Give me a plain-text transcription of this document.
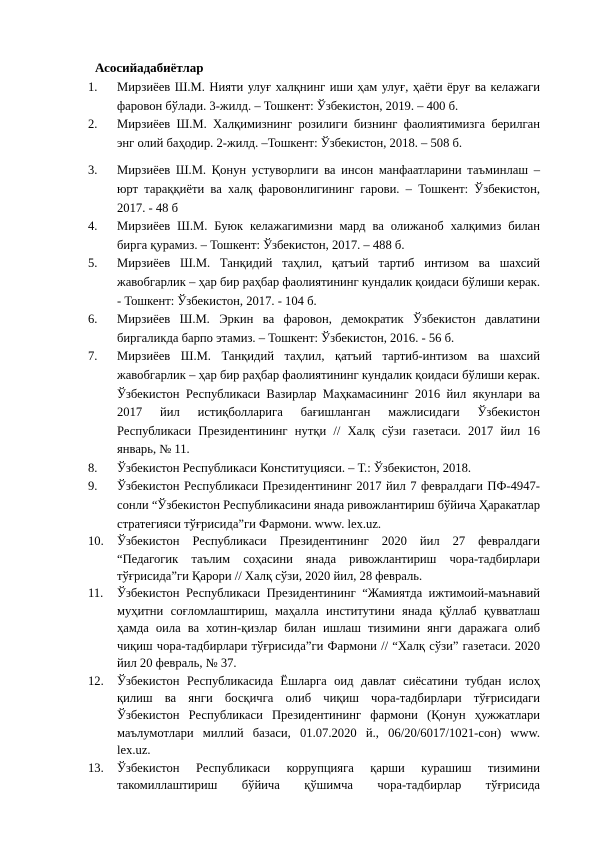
Асосийадабиётлар
1.	Мирзиёев Ш.М. Нияти улуғ халқнинг иши ҳам улуғ, ҳаёти ёруғ ва келажаги фаровон бўлади. 3-жилд. – Тошкент: Ўзбекистон, 2019. – 400 б.
2.	Мирзиёев Ш.М. Халқимизнинг розилиги бизнинг фаолиятимизга берилган энг олий баҳодир. 2-жилд. –Тошкент: Ўзбекистон, 2018. – 508 б.
3.	Мирзиёев Ш.М. Қонун устуворлиги ва инсон манфаатларини таъминлаш – юрт тараққиёти ва халқ фаровонлигининг гарови. – Тошкент: Ўзбекистон, 2017. - 48 б
4.	Мирзиёев Ш.М. Буюк келажагимизни мард ва олижаноб халқимиз билан бирга қурамиз. – Тошкент: Ўзбекистон, 2017. – 488 б.
5.	Мирзиёев Ш.М. Танқидий таҳлил, қатъий тартиб интизом ва шахсий жавобгарлик – ҳар бир раҳбар фаолиятининг кундалик қоидаси бўлиши керак. - Тошкент: Ўзбекистон, 2017. - 104 б.
6.	Мирзиёев Ш.М. Эркин ва фаровон, демократик Ўзбекистон давлатини биргаликда барпо этамиз. – Тошкент: Ўзбекистон, 2016. - 56 б.
7.	Мирзиёев Ш.М. Танқидий таҳлил, қатъий тартиб-интизом ва шахсий жавобгарлик – ҳар бир раҳбар фаолиятининг кундалик қоидаси бўлиши керак. Ўзбекистон Республикаси Вазирлар Маҳкамасининг 2016 йил якунлари ва 2017 йил истиқболларига бағишланган мажлисидаги Ўзбекистон Республикаси Президентининг нутқи // Халқ сўзи газетаси. 2017 йил 16 январь, № 11.
8.	Ўзбекистон Республикаси Конституцияси. – Т.: Ўзбекистон, 2018.
9.	Ўзбекистон Республикаси Президентининг 2017 йил 7 февралдаги ПФ-4947-сонли “Ўзбекистон Республикасини янада ривожлантириш бўйича Ҳаракатлар стратегияси тўғрисида”ги Фармони. www. lex.uz.
10.	Ўзбекистон Республикаси Президентининг 2020 йил 27 февралдаги “Педагогик таълим соҳасини янада ривожлантириш чора-тадбирлари тўғрисида”ги Қарори // Халқ сўзи, 2020 йил, 28 февраль.
11.	Ўзбекистон Республикаси Президентининг “Жамиятда ижтимоий-маънавий муҳитни соғломлаштириш, маҳалла институтини янада қўллаб қувватлаш ҳамда оила ва хотин-қизлар билан ишлаш тизимини янги даражага олиб чиқиш чора-тадбирлари тўғрисида”ги Фармони // “Халқ сўзи” газетаси. 2020 йил 20 февраль, № 37.
12.	Ўзбекистон Республикасида Ёшларга оид давлат сиёсатини тубдан ислоҳ қилиш ва янги босқичга олиб чиқиш чора-тадбирлари тўғрисидаги Ўзбекистон Республикаси Президентининг фармони (Қонун ҳужжатлари маълумотлари миллий базаси, 01.07.2020 й., 06/20/6017/1021-сон) www. lex.uz.
13.	Ўзбекистон Республикаси коррупцияга қарши курашиш тизимини такомиллаштириш бўйича қўшимча чора-тадбирлар тўғрисида
